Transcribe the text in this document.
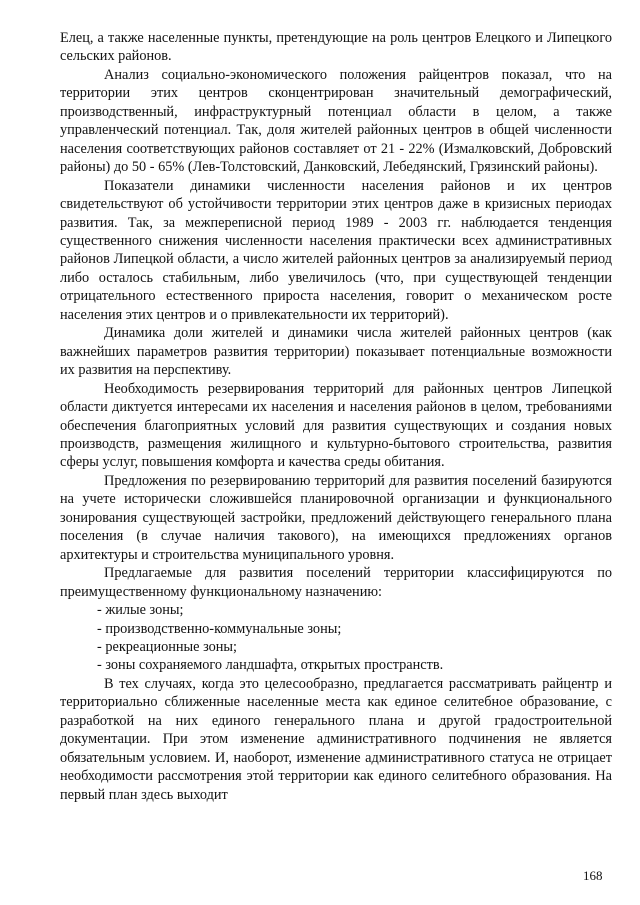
Елец, а также населенные пункты, претендующие на роль центров Елецкого и Липецкого сельских районов.

Анализ социально-экономического положения райцентров показал, что на территории этих центров сконцентрирован значительный демографический, производственный, инфраструктурный потенциал области в целом, а также управленческий потенциал. Так, доля жителей районных центров в общей численности населения соответствующих районов составляет от 21 - 22% (Измалковский, Добровский районы) до 50 - 65% (Лев-Толстовский, Данковский, Лебедянский, Грязинский районы).

Показатели динамики численности населения районов и их центров свидетельствуют об устойчивости территории этих центров даже в кризисных периодах развития. Так, за межпереписной период 1989 - 2003 гг. наблюдается тенденция существенного снижения численности населения практически всех административных районов Липецкой области, а число жителей районных центров за анализируемый период либо осталось стабильным, либо увеличилось (что, при существующей тенденции отрицательного естественного прироста населения, говорит о механическом росте населения этих центров и о привлекательности их территорий).

Динамика доли жителей и динамики числа жителей районных центров (как важнейших параметров развития территории) показывает потенциальные возможности их развития на перспективу.

Необходимость резервирования территорий для районных центров Липецкой области диктуется интересами их населения и населения районов в целом, требованиями обеспечения благоприятных условий для развития существующих и создания новых производств, размещения жилищного и культурно-бытового строительства, развития сферы услуг, повышения комфорта и качества среды обитания.

Предложения по резервированию территорий для развития поселений базируются на учете исторически сложившейся планировочной организации и функционального зонирования существующей застройки, предложений действующего генерального плана поселения (в случае наличия такового), на имеющихся предложениях органов архитектуры и строительства муниципального уровня.

Предлагаемые для развития поселений территории классифицируются по преимущественному функциональному назначению:

- жилые зоны;

- производственно-коммунальные зоны;

- рекреационные зоны;

- зоны сохраняемого ландшафта, открытых пространств.

В тех случаях, когда это целесообразно, предлагается рассматривать райцентр и территориально сближенные населенные места как единое селитебное образование, с разработкой на них единого генерального плана и другой градостроительной документации. При этом изменение административного подчинения не является обязательным условием. И, наоборот, изменение административного статуса не отрицает необходимости рассмотрения этой территории как единого селитебного образования. На первый план здесь выходит

168
